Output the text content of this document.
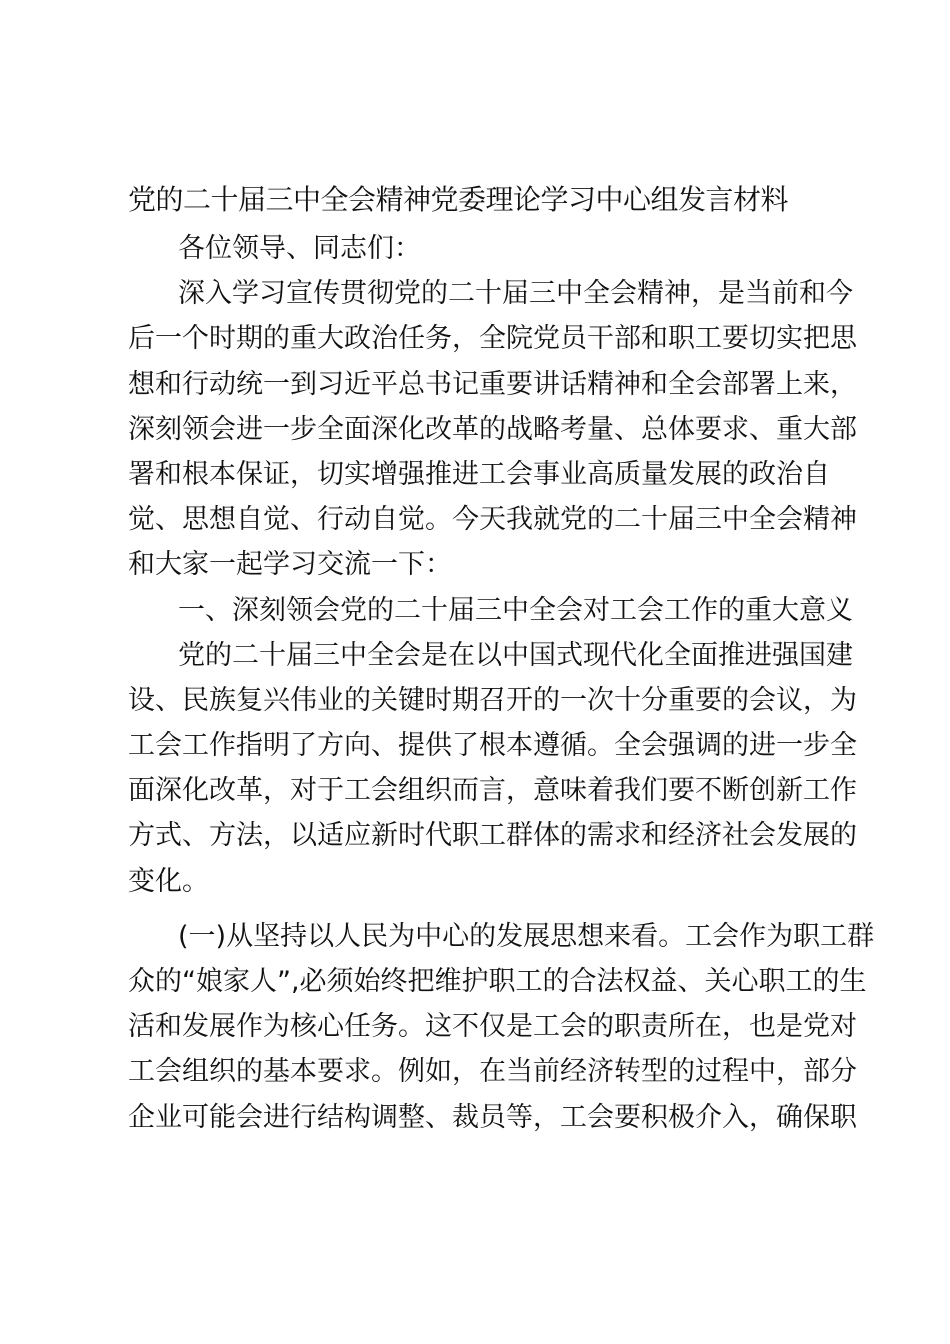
党的二十届三中全会精神党委理论学习中心组发言材料
各位领导、同志们：
深入学习宣传贯彻党的二十届三中全会精神，是当前和今
后一个时期的重大政治任务，全院党员干部和职工要切实把思
想和行动统一到习近平总书记重要讲话精神和全会部署上来，
深刻领会进一步全面深化改革的战略考量、总体要求、重大部
署和根本保证，切实增强推进工会事业高质量发展的政治自
觉、思想自觉、行动自觉。今天我就党的二十届三中全会精神
和大家一起学习交流一下：
一、深刻领会党的二十届三中全会对工会工作的重大意义
党的二十届三中全会是在以中国式现代化全面推进强国建
设、民族复兴伟业的关键时期召开的一次十分重要的会议，为
工会工作指明了方向、提供了根本遵循。全会强调的进一步全
面深化改革，对于工会组织而言，意味着我们要不断创新工作
方式、方法，以适应新时代职工群体的需求和经济社会发展的
变化。
(一)从坚持以人民为中心的发展思想来看。工会作为职工群
众的“娘家人”,必须始终把维护职工的合法权益、关心职工的生
活和发展作为核心任务。这不仅是工会的职责所在，也是党对
工会组织的基本要求。例如，在当前经济转型的过程中，部分
企业可能会进行结构调整、裁员等，工会要积极介入，确保职
